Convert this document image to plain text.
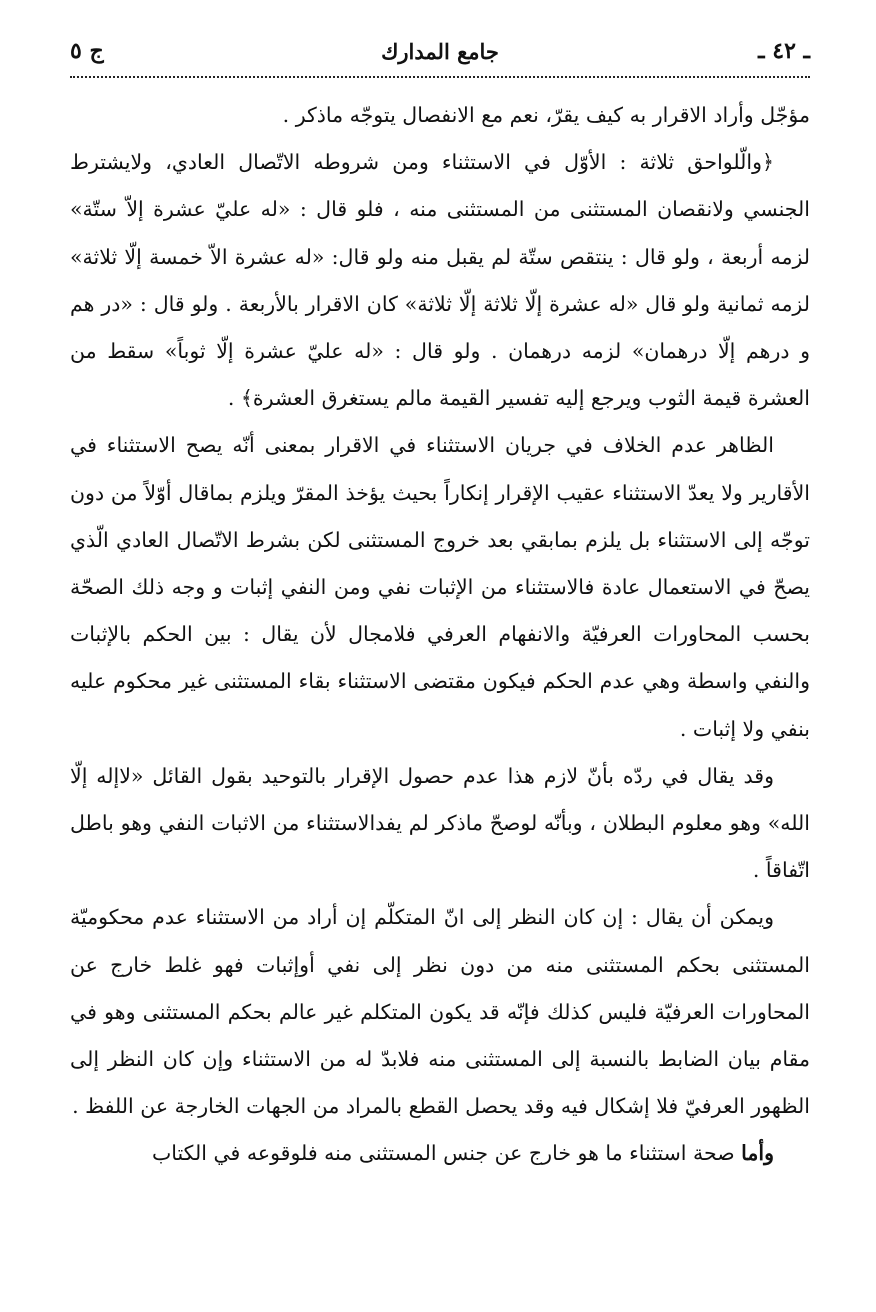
ـ ٤٢ ـ
جامع المدارك
ج ٥

مؤجّل وأراد الاقرار به كيف يقرّ، نعم مع الانفصال يتوجّه ماذكر .

﴿والّلواحق ثلاثة : الأوّل في الاستثناء ومن شروطه الاتّصال العادي، ولايشترط الجنسي ولانقصان المستثنى من المستثنى منه ، فلو قال : «له عليّ عشرة إلاّ ستّة» لزمه أربعة ، ولو قال : ينتقص ستّة لم يقبل منه ولو قال: «له عشرة الاّ خمسة إلّا ثلاثة» لزمه ثمانية ولو قال «له عشرة إلّا ثلاثة إلّا ثلاثة» كان الاقرار بالأربعة . ولو قال : «در هم و درهم إلّا درهمان» لزمه درهمان . ولو قال : «له عليّ عشرة إلّا ثوباً» سقط من العشرة قيمة الثوب ويرجع إليه تفسير القيمة مالم يستغرق العشرة﴾ .

الظاهر عدم الخلاف في جريان الاستثناء في الاقرار بمعنى أنّه يصح الاستثناء في الأقارير ولا يعدّ الاستثناء عقيب الإقرار إنكاراً بحيث يؤخذ المقرّ ويلزم بماقال أوّلاً من دون توجّه إلى الاستثناء بل يلزم بمابقي بعد خروج المستثنى لكن بشرط الاتّصال العادي الّذي يصحّ في الاستعمال عادة فالاستثناء من الإثبات نفي ومن النفي إثبات و وجه ذلك الصحّة بحسب المحاورات العرفيّة والانفهام العرفي فلامجال لأن يقال : بين الحكم بالإثبات والنفي واسطة وهي عدم الحكم فيكون مقتضى الاستثناء بقاء المستثنى غير محكوم عليه بنفي ولا إثبات .

وقد يقال في ردّه بأنّ لازم هذا عدم حصول الإقرار بالتوحيد بقول القائل «لاإله إلّا الله» وهو معلوم البطلان ، وبأنّه لوصحّ ماذكر لم يفدالاستثناء من الاثبات النفي وهو باطل اتّفاقاً .

ويمكن أن يقال : إن كان النظر إلى انّ المتكلّم إن أراد من الاستثناء عدم محكوميّة المستثنى بحكم المستثنى منه من دون نظر إلى نفي أوإثبات فهو غلط خارج عن المحاورات العرفيّة فليس كذلك فإنّه قد يكون المتكلم غير عالم بحكم المستثنى وهو في مقام بيان الضابط بالنسبة إلى المستثنى منه فلابدّ له من الاستثناء وإن كان النظر إلى الظهور العرفيّ فلا إشكال فيه وقد يحصل القطع بالمراد من الجهات الخارجة عن اللفظ .

وأما صحة استثناء ما هو خارج عن جنس المستثنى منه فلوقوعه في الكتاب
